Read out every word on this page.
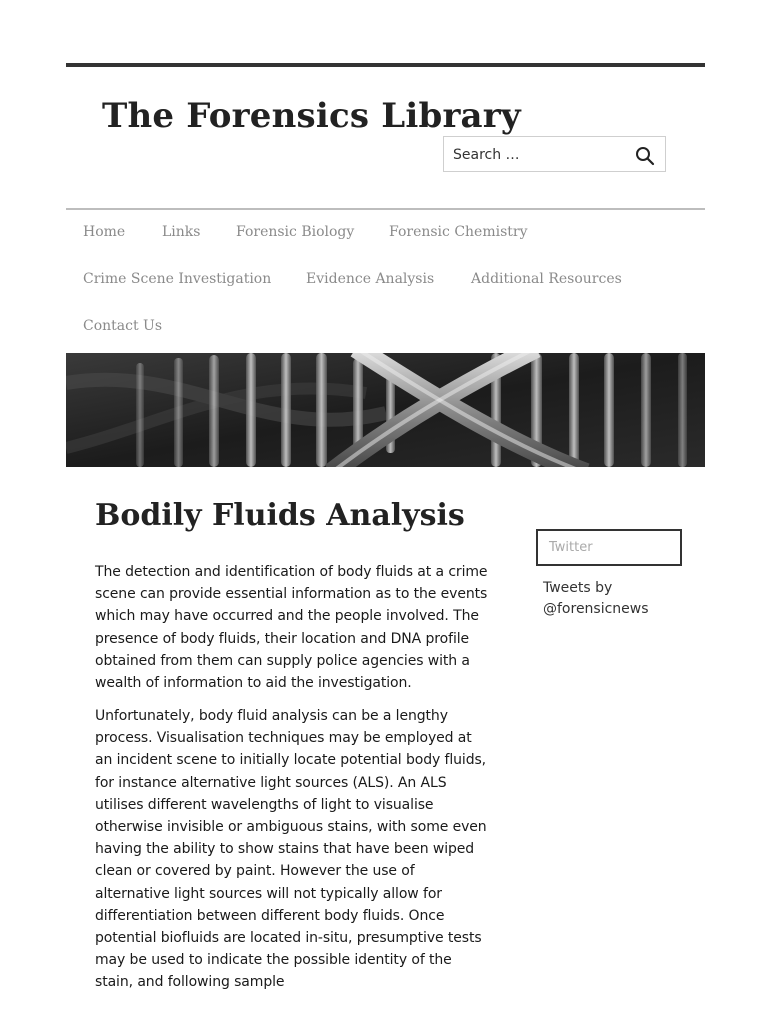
The Forensics Library
Search …
Home	Links	Forensic Biology Forensic Chemistry
Crime Scene Investigation Evidence Analysis	Additional Resources
Contact Us
Bodily Fluids Analysis

The detection and identification of body fluids at a crime scene can provide essential information as to the events which may have occurred and the people involved. The presence of body fluids, their location and DNA profile obtained from them can supply police agencies with a wealth of information to aid the investigation.

Unfortunately, body fluid analysis can be a lengthy process. Visualisation techniques may be employed at an incident scene to initially locate potential body fluids, for instance alternative light sources (ALS). An ALS utilises different wavelengths of light to visualise otherwise invisible or ambiguous stains, with some even having the ability to show stains that have been wiped clean or covered by paint. However the use of alternative light sources will not typically allow for differentiation between different body fluids. Once potential biofluids are located in-situ, presumptive tests may be used to indicate the possible identity of the stain, and following sample

Twitter
Tweets by @forensicnews
